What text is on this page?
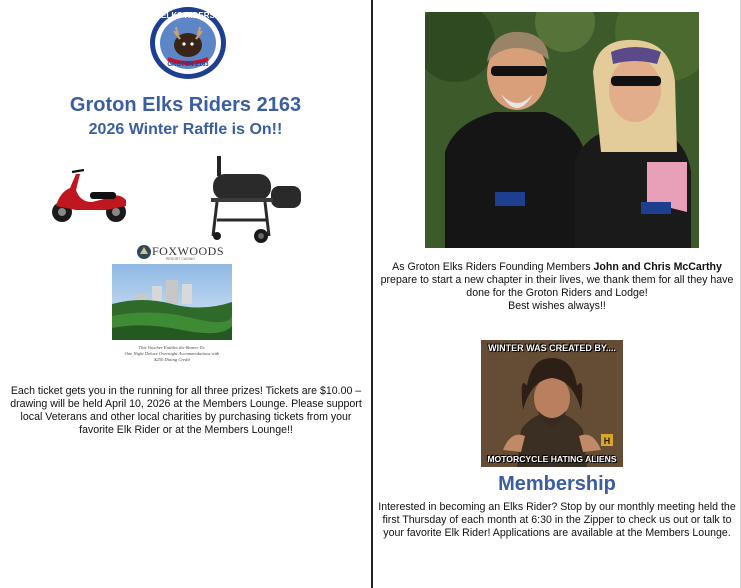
ELKS RIDERS
GROTON 2163
Groton Elks Riders 2163
2026 Winter Raffle is On!!
FOXWOODS
RESORT CASINO
This Voucher Entitles the Bearer To:
One Night Deluxe Overnight Accommodations with
$250 Dining Credit
Each ticket gets you in the running for all three prizes! Tickets are $10.00 – drawing will be held April 10, 2026 at the Members Lounge. Please support local Veterans and other local charities by purchasing tickets from your favorite Elk Rider or at the Members Lounge!!
As Groton Elks Riders Founding Members John and Chris McCarthy prepare to start a new chapter in their lives, we thank them for all they have done for the Groton Riders and Lodge!
Best wishes always!!
H
WINTER WAS CREATED BY....
MOTORCYCLE HATING ALIENS
Membership
Interested in becoming an Elks Rider? Stop by our monthly meeting held the first Thursday of each month at 6:30 in the Zipper to check us out or talk to your favorite Elk Rider! Applications are available at the Members Lounge.
